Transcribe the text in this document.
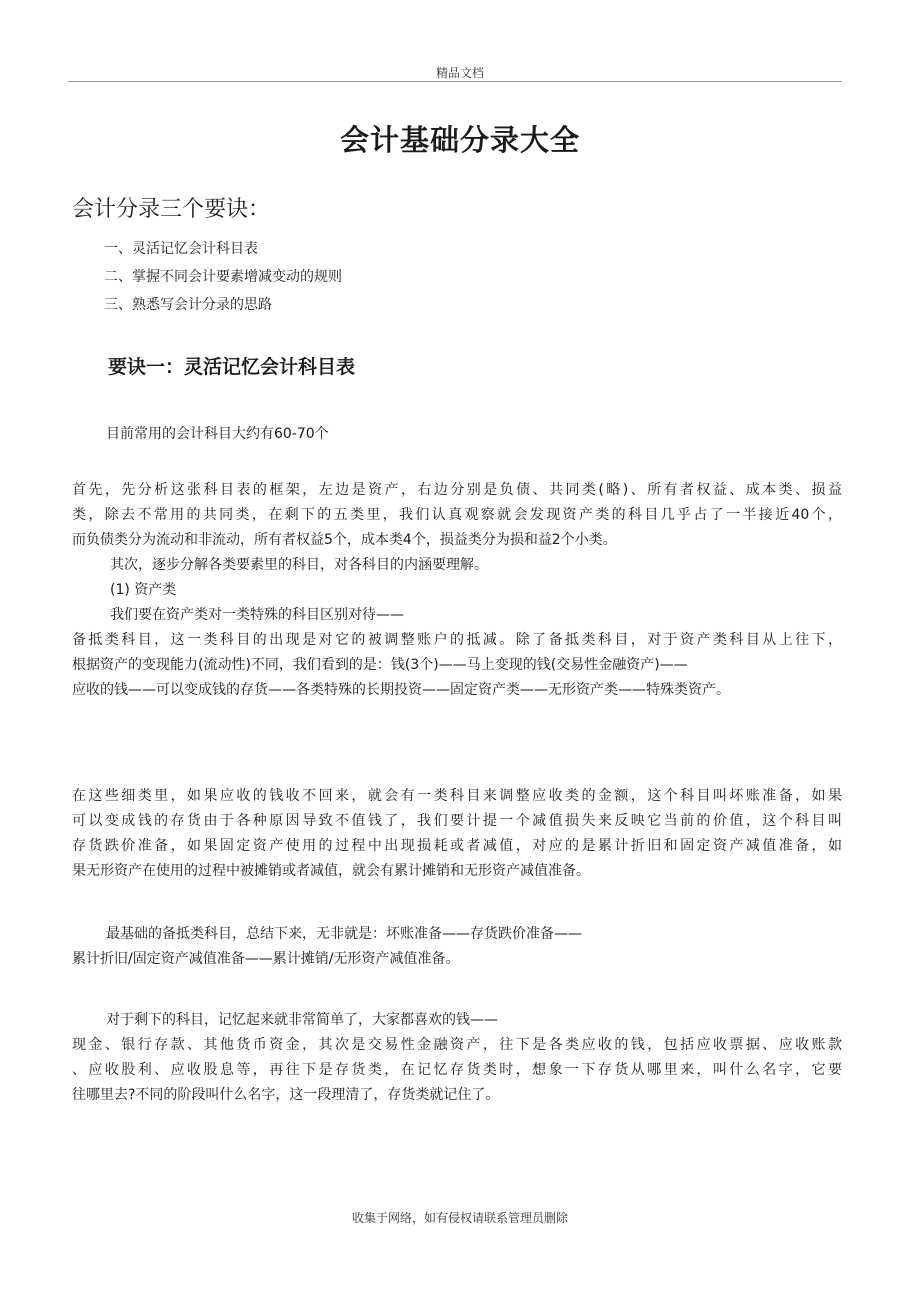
精品文档
会计基础分录大全
会计分录三个要诀：
一、灵活记忆会计科目表
二、掌握不同会计要素增减变动的规则
三、熟悉写会计分录的思路
要诀一：灵活记忆会计科目表
目前常用的会计科目大约有60-70个
首先，先分析这张科目表的框架，左边是资产，右边分别是负债、共同类(略)、所有者权益、成本类、损益
类，除去不常用的共同类，在剩下的五类里，我们认真观察就会发现资产类的科目几乎占了一半接近40个，
而负债类分为流动和非流动，所有者权益5个，成本类4个，损益类分为损和益2个小类。
其次，逐步分解各类要素里的科目，对各科目的内涵要理解。
(1) 资产类
我们要在资产类对一类特殊的科目区别对待——
备抵类科目，这一类科目的出现是对它的被调整账户的抵减。除了备抵类科目，对于资产类科目从上往下，
根据资产的变现能力(流动性)不同，我们看到的是：钱(3个)——马上变现的钱(交易性金融资产)——
应收的钱——可以变成钱的存货——各类特殊的长期投资——固定资产类——无形资产类——特殊类资产。
在这些细类里，如果应收的钱收不回来，就会有一类科目来调整应收类的金额，这个科目叫坏账准备，如果
可以变成钱的存货由于各种原因导致不值钱了，我们要计提一个减值损失来反映它当前的价值，这个科目叫
存货跌价准备，如果固定资产使用的过程中出现损耗或者减值，对应的是累计折旧和固定资产减值准备，如
果无形资产在使用的过程中被摊销或者减值，就会有累计摊销和无形资产减值准备。
最基础的备抵类科目，总结下来，无非就是：坏账准备——存货跌价准备——
累计折旧/固定资产减值准备——累计摊销/无形资产减值准备。
对于剩下的科目，记忆起来就非常简单了，大家都喜欢的钱——
现金、银行存款、其他货币资金，其次是交易性金融资产，往下是各类应收的钱，包括应收票据、应收账款
、应收股利、应收股息等，再往下是存货类，在记忆存货类时，想象一下存货从哪里来，叫什么名字，它要
往哪里去?不同的阶段叫什么名字，这一段理清了，存货类就记住了。
收集于网络，如有侵权请联系管理员删除
